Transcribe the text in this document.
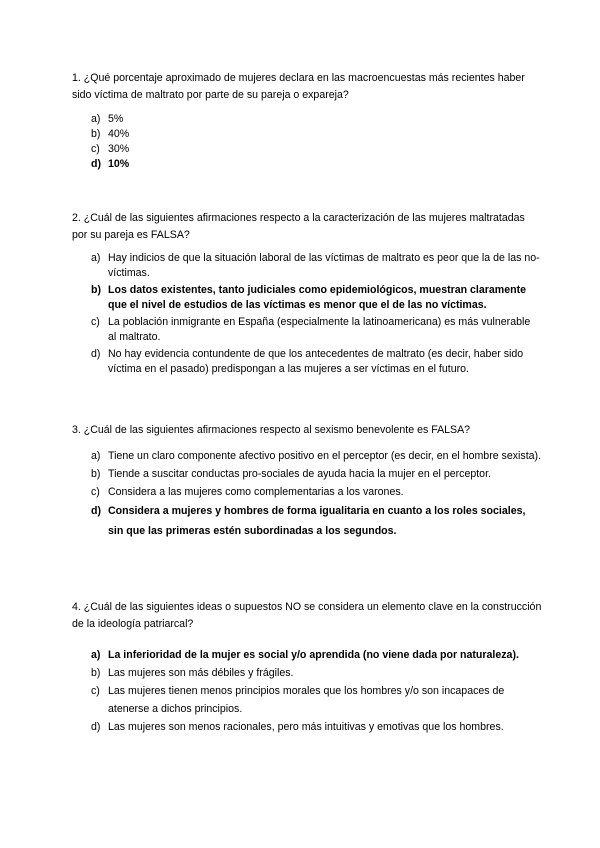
1. ¿Qué porcentaje aproximado de mujeres declara en las macroencuestas más recientes haber sido víctima de maltrato por parte de su pareja o expareja?

a) 5%
b) 40%
c) 30%
d) 10%

2. ¿Cuál de las siguientes afirmaciones respecto a la caracterización de las mujeres maltratadas por su pareja es FALSA?

a) Hay indicios de que la situación laboral de las víctimas de maltrato es peor que la de las no-víctimas.
b) Los datos existentes, tanto judiciales como epidemiológicos, muestran claramente que el nivel de estudios de las víctimas es menor que el de las no víctimas.
c) La población inmigrante en España (especialmente la latinoamericana) es más vulnerable al maltrato.
d) No hay evidencia contundente de que los antecedentes de maltrato (es decir, haber sido víctima en el pasado) predispongan a las mujeres a ser víctimas en el futuro.

3. ¿Cuál de las siguientes afirmaciones respecto al sexismo benevolente es FALSA?

a) Tiene un claro componente afectivo positivo en el perceptor (es decir, en el hombre sexista).
b) Tiende a suscitar conductas pro-sociales de ayuda hacia la mujer en el perceptor.
c) Considera a las mujeres como complementarias a los varones.
d) Considera a mujeres y hombres de forma igualitaria en cuanto a los roles sociales, sin que las primeras estén subordinadas a los segundos.

4. ¿Cuál de las siguientes ideas o supuestos NO se considera un elemento clave en la construcción de la ideología patriarcal?

a) La inferioridad de la mujer es social y/o aprendida (no viene dada por naturaleza).
b) Las mujeres son más débiles y frágiles.
c) Las mujeres tienen menos principios morales que los hombres y/o son incapaces de atenerse a dichos principios.
d) Las mujeres son menos racionales, pero más intuitivas y emotivas que los hombres.
